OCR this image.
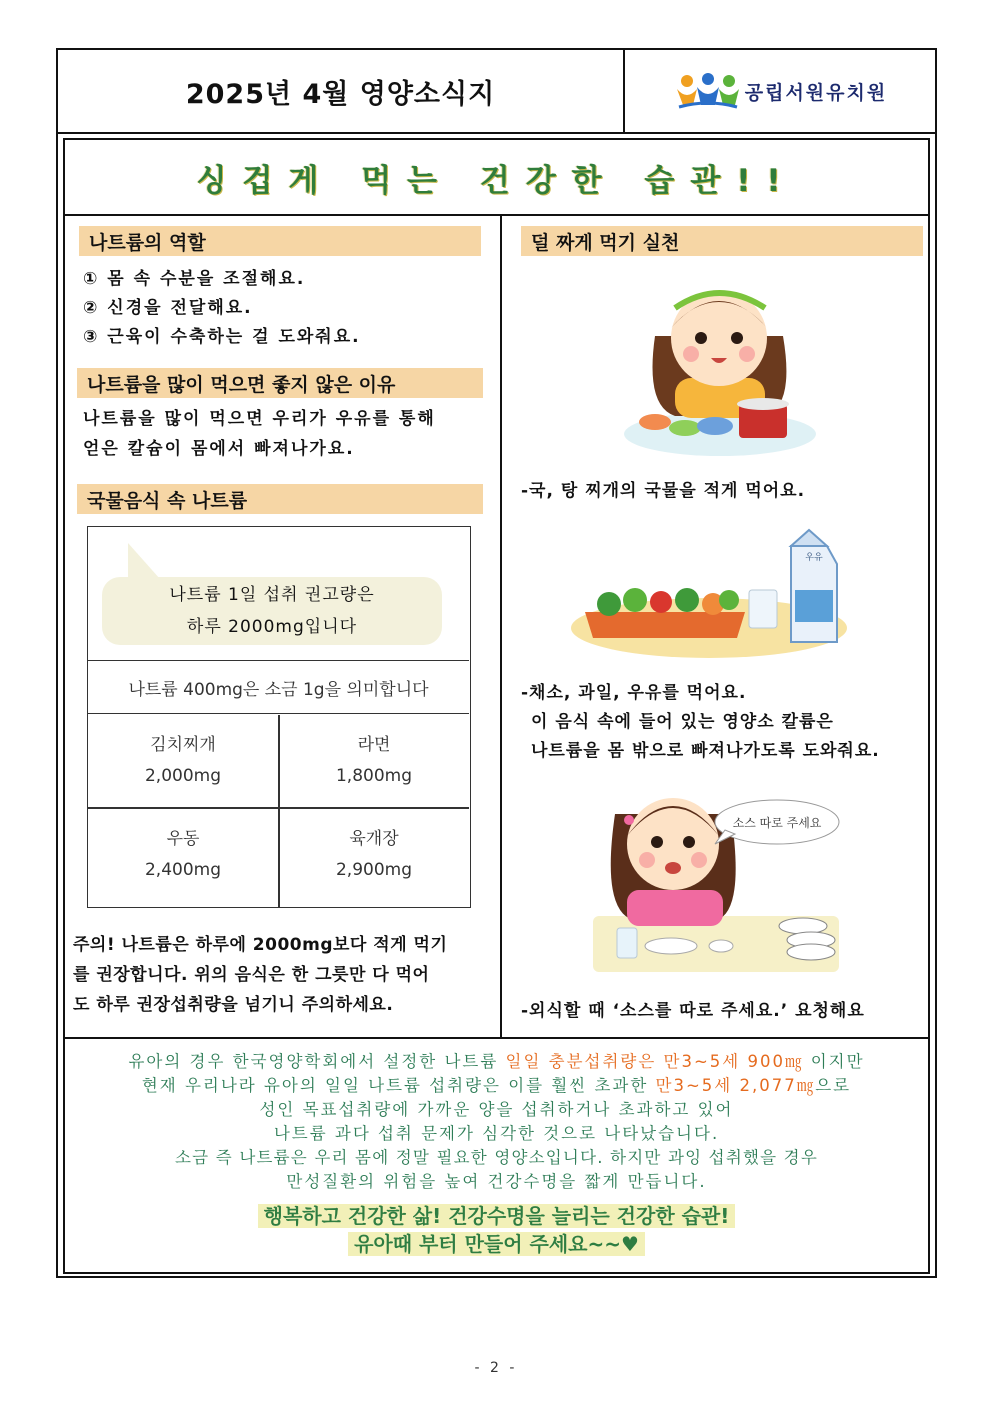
2025년 4월 영양소식지	공립서원유치원
싱겁게 먹는 건강한 습관!!
나트륨의 역할
① 몸 속 수분을 조절해요.
② 신경을 전달해요.
③ 근육이 수축하는 걸 도와줘요.
나트륨을 많이 먹으면 좋지 않은 이유
나트륨을 많이 먹으면 우리가 우유를 통해
얻은 칼슘이 몸에서 빠져나가요.
국물음식 속 나트륨
나트륨 1일 섭취 권고량은
하루 2000mg입니다
나트륨 400mg은 소금 1g을 의미합니다
김치찌개
2,000mg
라면
1,800mg
우동
2,400mg
육개장
2,900mg
주의! 나트륨은 하루에 2000mg보다 적게 먹기
를 권장합니다. 위의 음식은 한 그릇만 다 먹어
도 하루 권장섭취량을 넘기니 주의하세요.
덜 짜게 먹기 실천
-국, 탕 찌개의 국물을 적게 먹어요.
우유
-채소, 과일, 우유를 먹어요.
이 음식 속에 들어 있는 영양소 칼륨은
나트륨을 몸 밖으로 빠져나가도록 도와줘요.
소스 따로 주세요
-외식할 때 ‘소스를 따로 주세요.’ 요청해요
유아의 경우 한국영양학회에서 설정한 나트륨 일일 충분섭취량은 만3~5세 900㎎ 이지만
현재 우리나라 유아의 일일 나트륨 섭취량은 이를 훨씬 초과한 만3~5세 2,077㎎으로
성인 목표섭취량에 가까운 양을 섭취하거나 초과하고 있어
나트륨 과다 섭취 문제가 심각한 것으로 나타났습니다.
소금 즉 나트륨은 우리 몸에 정말 필요한 영양소입니다. 하지만 과잉 섭취했을 경우
만성질환의 위험을 높여 건강수명을 짧게 만듭니다.
행복하고 건강한 삶! 건강수명을 늘리는 건강한 습관!
유아때 부터 만들어 주세요~~♥
- 2 -
